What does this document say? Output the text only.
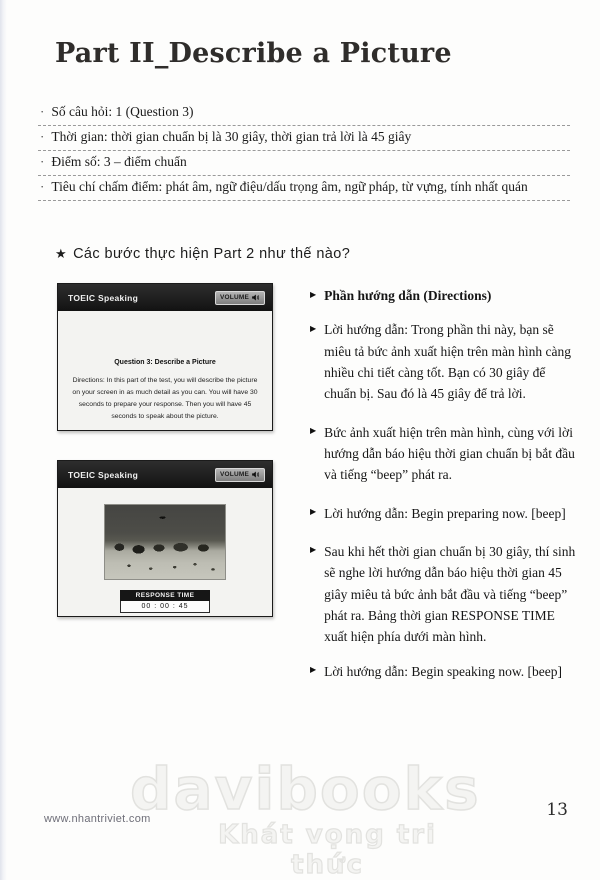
Part II_Describe a Picture
· Số câu hỏi: 1 (Question 3)
· Thời gian: thời gian chuẩn bị là 30 giây, thời gian trả lời là 45 giây
· Điểm số: 3 – điểm chuẩn
· Tiêu chí chấm điểm: phát âm, ngữ điệu/dấu trọng âm, ngữ pháp, từ vựng, tính nhất quán
★ Các bước thực hiện Part 2 như thế nào?
TOEIC Speaking	VOLUME
Question 3: Describe a Picture
Directions: In this part of the test, you will describe the picture on your screen in as much detail as you can. You will have 30 seconds to prepare your response. Then you will have 45 seconds to speak about the picture.
TOEIC Speaking	VOLUME
RESPONSE TIME
00 : 00 : 45
▶ Phần hướng dẫn (Directions)
▶ Lời hướng dẫn: Trong phần thi này, bạn sẽ miêu tả bức ảnh xuất hiện trên màn hình càng nhiều chi tiết càng tốt. Bạn có 30 giây để chuẩn bị. Sau đó là 45 giây để trả lời.
▶ Bức ảnh xuất hiện trên màn hình, cùng với lời hướng dẫn báo hiệu thời gian chuẩn bị bắt đầu và tiếng “beep” phát ra.
▶ Lời hướng dẫn: Begin preparing now. [beep]
▶ Sau khi hết thời gian chuẩn bị 30 giây, thí sinh sẽ nghe lời hướng dẫn báo hiệu thời gian 45 giây miêu tả bức ảnh bắt đầu và tiếng “beep” phát ra. Bảng thời gian RESPONSE TIME xuất hiện phía dưới màn hình.
▶ Lời hướng dẫn: Begin speaking now. [beep]
davibooks
Khát vọng tri thức
www.nhantriviet.com	13
